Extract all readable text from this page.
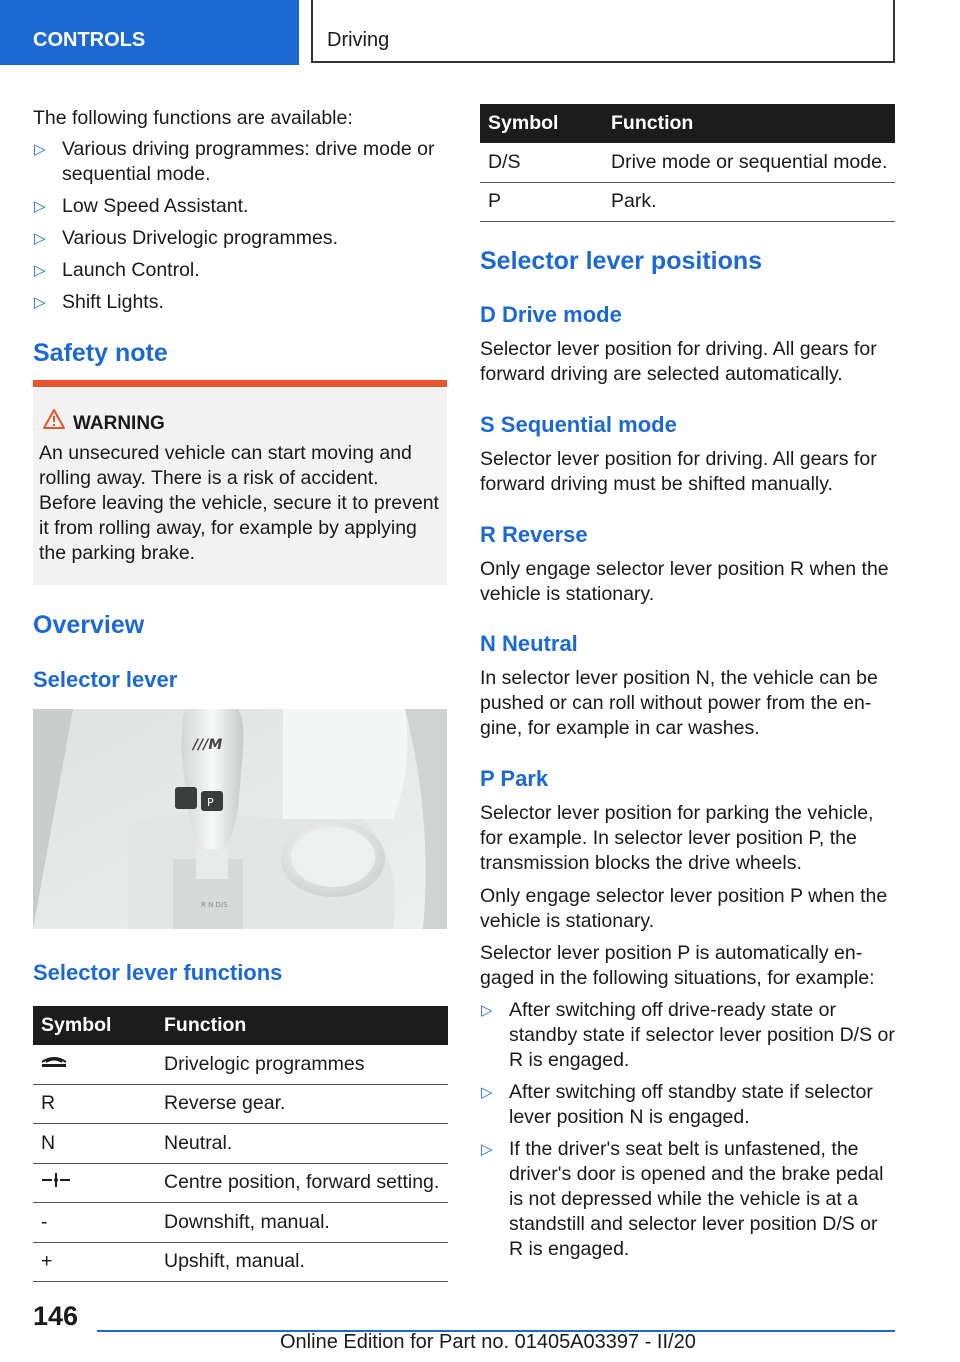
CONTROLS	Driving

The following functions are available:

▷ Various driving programmes: drive mode or sequential mode.
▷ Low Speed Assistant.
▷ Various Drivelogic programmes.
▷ Launch Control.
▷ Shift Lights.
Safety note
WARNING
An unsecured vehicle can start moving and rolling away. There is a risk of accident. Before leaving the vehicle, secure it to prevent it from rolling away, for example by applying the parking brake.
Overview
Selector lever
R N D/S
///M
P
Selector lever functions
Symbol	Function
	Drivelogic programmes
R	Reverse gear.
N	Neutral.
	Centre position, forward setting.
-	Downshift, manual.
+	Upshift, manual.
Symbol	Function
D/S	Drive mode or sequential mode.
P	Park.
Selector lever positions
D Drive mode

Selector lever position for driving. All gears for forward driving are selected automatically.

S Sequential mode

Selector lever position for driving. All gears for forward driving must be shifted manually.

R Reverse

Only engage selector lever position R when the vehicle is stationary.

N Neutral

In selector lever position N, the vehicle can be pushed or can roll without power from the engine, for example in car washes.

P Park

Selector lever position for parking the vehicle, for example. In selector lever position P, the transmission blocks the drive wheels.

Only engage selector lever position P when the vehicle is stationary.

Selector lever position P is automatically engaged in the following situations, for example:

▷ After switching off drive-ready state or standby state if selector lever position D/S or R is engaged.
▷ After switching off standby state if selector lever position N is engaged.
▷ If the driver's seat belt is unfastened, the driver's door is opened and the brake pedal is not depressed while the vehicle is at a standstill and selector lever position D/S or R is engaged.
146
Online Edition for Part no. 01405A03397 - II/20
